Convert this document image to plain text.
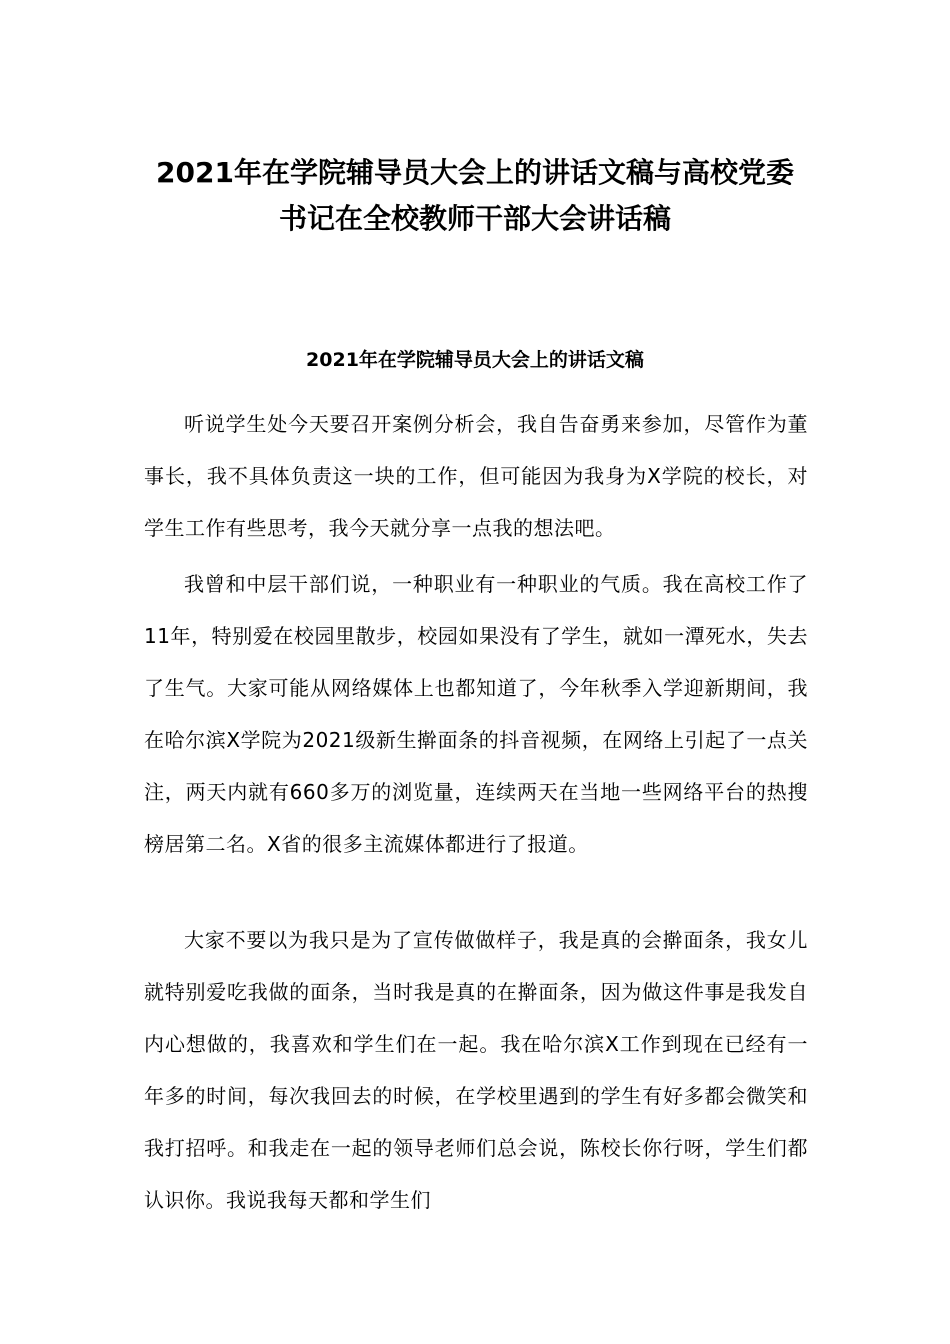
2021年在学院辅导员大会上的讲话文稿与高校党委
书记在全校教师干部大会讲话稿
2021年在学院辅导员大会上的讲话文稿

听说学生处今天要召开案例分析会，我自告奋勇来参加，尽管作为董事长，我不具体负责这一块的工作，但可能因为我身为X学院的校长，对学生工作有些思考，我今天就分享一点我的想法吧。

我曾和中层干部们说，一种职业有一种职业的气质。我在高校工作了11年，特别爱在校园里散步，校园如果没有了学生，就如一潭死水，失去了生气。大家可能从网络媒体上也都知道了，今年秋季入学迎新期间，我在哈尔滨X学院为2021级新生擀面条的抖音视频，在网络上引起了一点关注，两天内就有660多万的浏览量，连续两天在当地一些网络平台的热搜榜居第二名。X省的很多主流媒体都进行了报道。

大家不要以为我只是为了宣传做做样子，我是真的会擀面条，我女儿就特别爱吃我做的面条，当时我是真的在擀面条，因为做这件事是我发自内心想做的，我喜欢和学生们在一起。我在哈尔滨X工作到现在已经有一年多的时间，每次我回去的时候，在学校里遇到的学生有好多都会微笑和我打招呼。和我走在一起的领导老师们总会说，陈校长你行呀，学生们都认识你。我说我每天都和学生们
